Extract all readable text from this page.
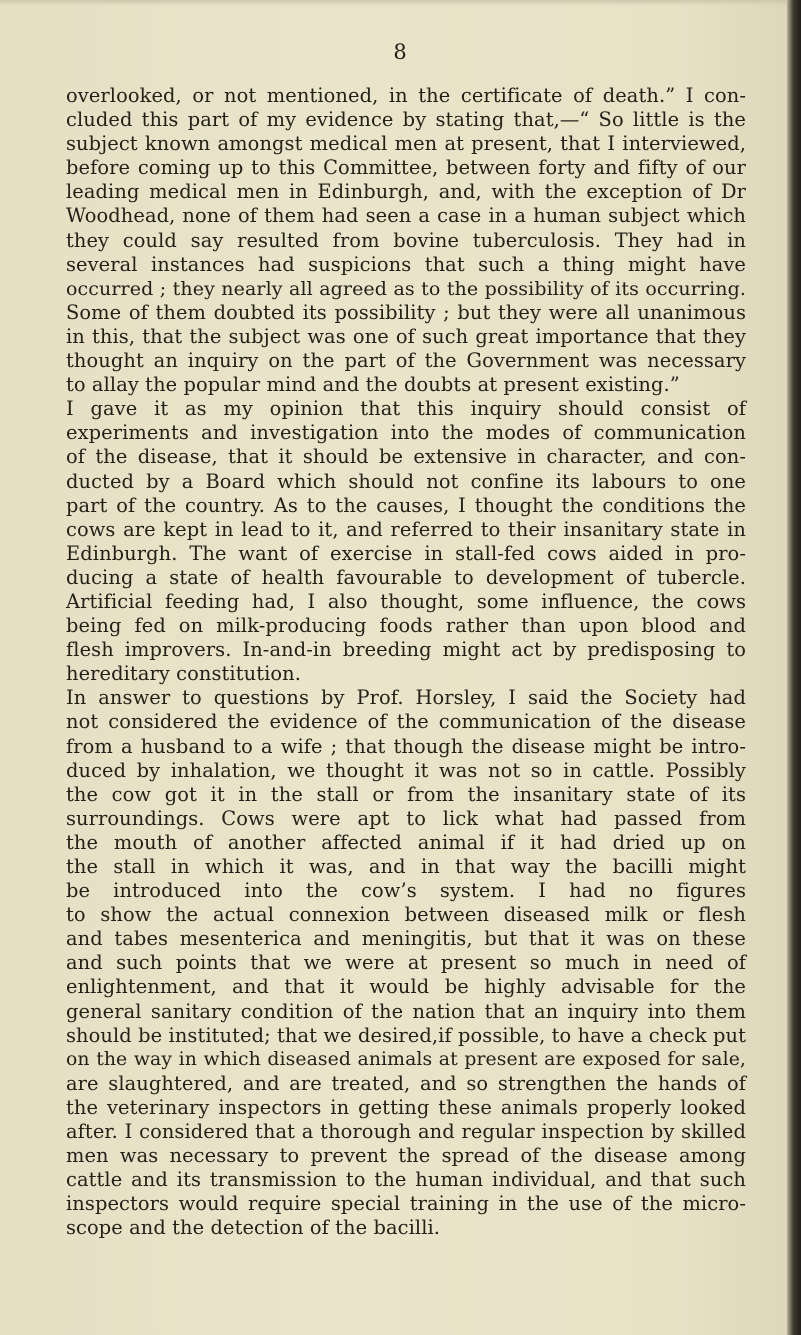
8
overlooked, or not mentioned, in the certificate of death.” I con-
cluded this part of my evidence by stating that,—“ So little is the
subject known amongst medical men at present, that I interviewed,
before coming up to this Committee, between forty and fifty of our
leading medical men in Edinburgh, and, with the exception of Dr
Woodhead, none of them had seen a case in a human subject which
they could say resulted from bovine tuberculosis. They had in
several instances had suspicions that such a thing might have
occurred ; they nearly all agreed as to the possibility of its occurring.
Some of them doubted its possibility ; but they were all unanimous
in this, that the subject was one of such great importance that they
thought an inquiry on the part of the Government was necessary
to allay the popular mind and the doubts at present existing.”
I gave it as my opinion that this inquiry should consist of
experiments and investigation into the modes of communication
of the disease, that it should be extensive in character, and con-
ducted by a Board which should not confine its labours to one
part of the country. As to the causes, I thought the conditions the
cows are kept in lead to it, and referred to their insanitary state in
Edinburgh. The want of exercise in stall-fed cows aided in pro-
ducing a state of health favourable to development of tubercle.
Artificial feeding had, I also thought, some influence, the cows
being fed on milk-producing foods rather than upon blood and
flesh improvers. In-and-in breeding might act by predisposing to
hereditary constitution.
In answer to questions by Prof. Horsley, I said the Society had
not considered the evidence of the communication of the disease
from a husband to a wife ; that though the disease might be intro-
duced by inhalation, we thought it was not so in cattle. Possibly
the cow got it in the stall or from the insanitary state of its
surroundings. Cows were apt to lick what had passed from
the mouth of another affected animal if it had dried up on
the stall in which it was, and in that way the bacilli might
be introduced into the cow’s system. I had no figures
to show the actual connexion between diseased milk or flesh
and tabes mesenterica and meningitis, but that it was on these
and such points that we were at present so much in need of
enlightenment, and that it would be highly advisable for the
general sanitary condition of the nation that an inquiry into them
should be instituted; that we desired,if possible, to have a check put
on the way in which diseased animals at present are exposed for sale,
are slaughtered, and are treated, and so strengthen the hands of
the veterinary inspectors in getting these animals properly looked
after. I considered that a thorough and regular inspection by skilled
men was necessary to prevent the spread of the disease among
cattle and its transmission to the human individual, and that such
inspectors would require special training in the use of the micro-
scope and the detection of the bacilli.
